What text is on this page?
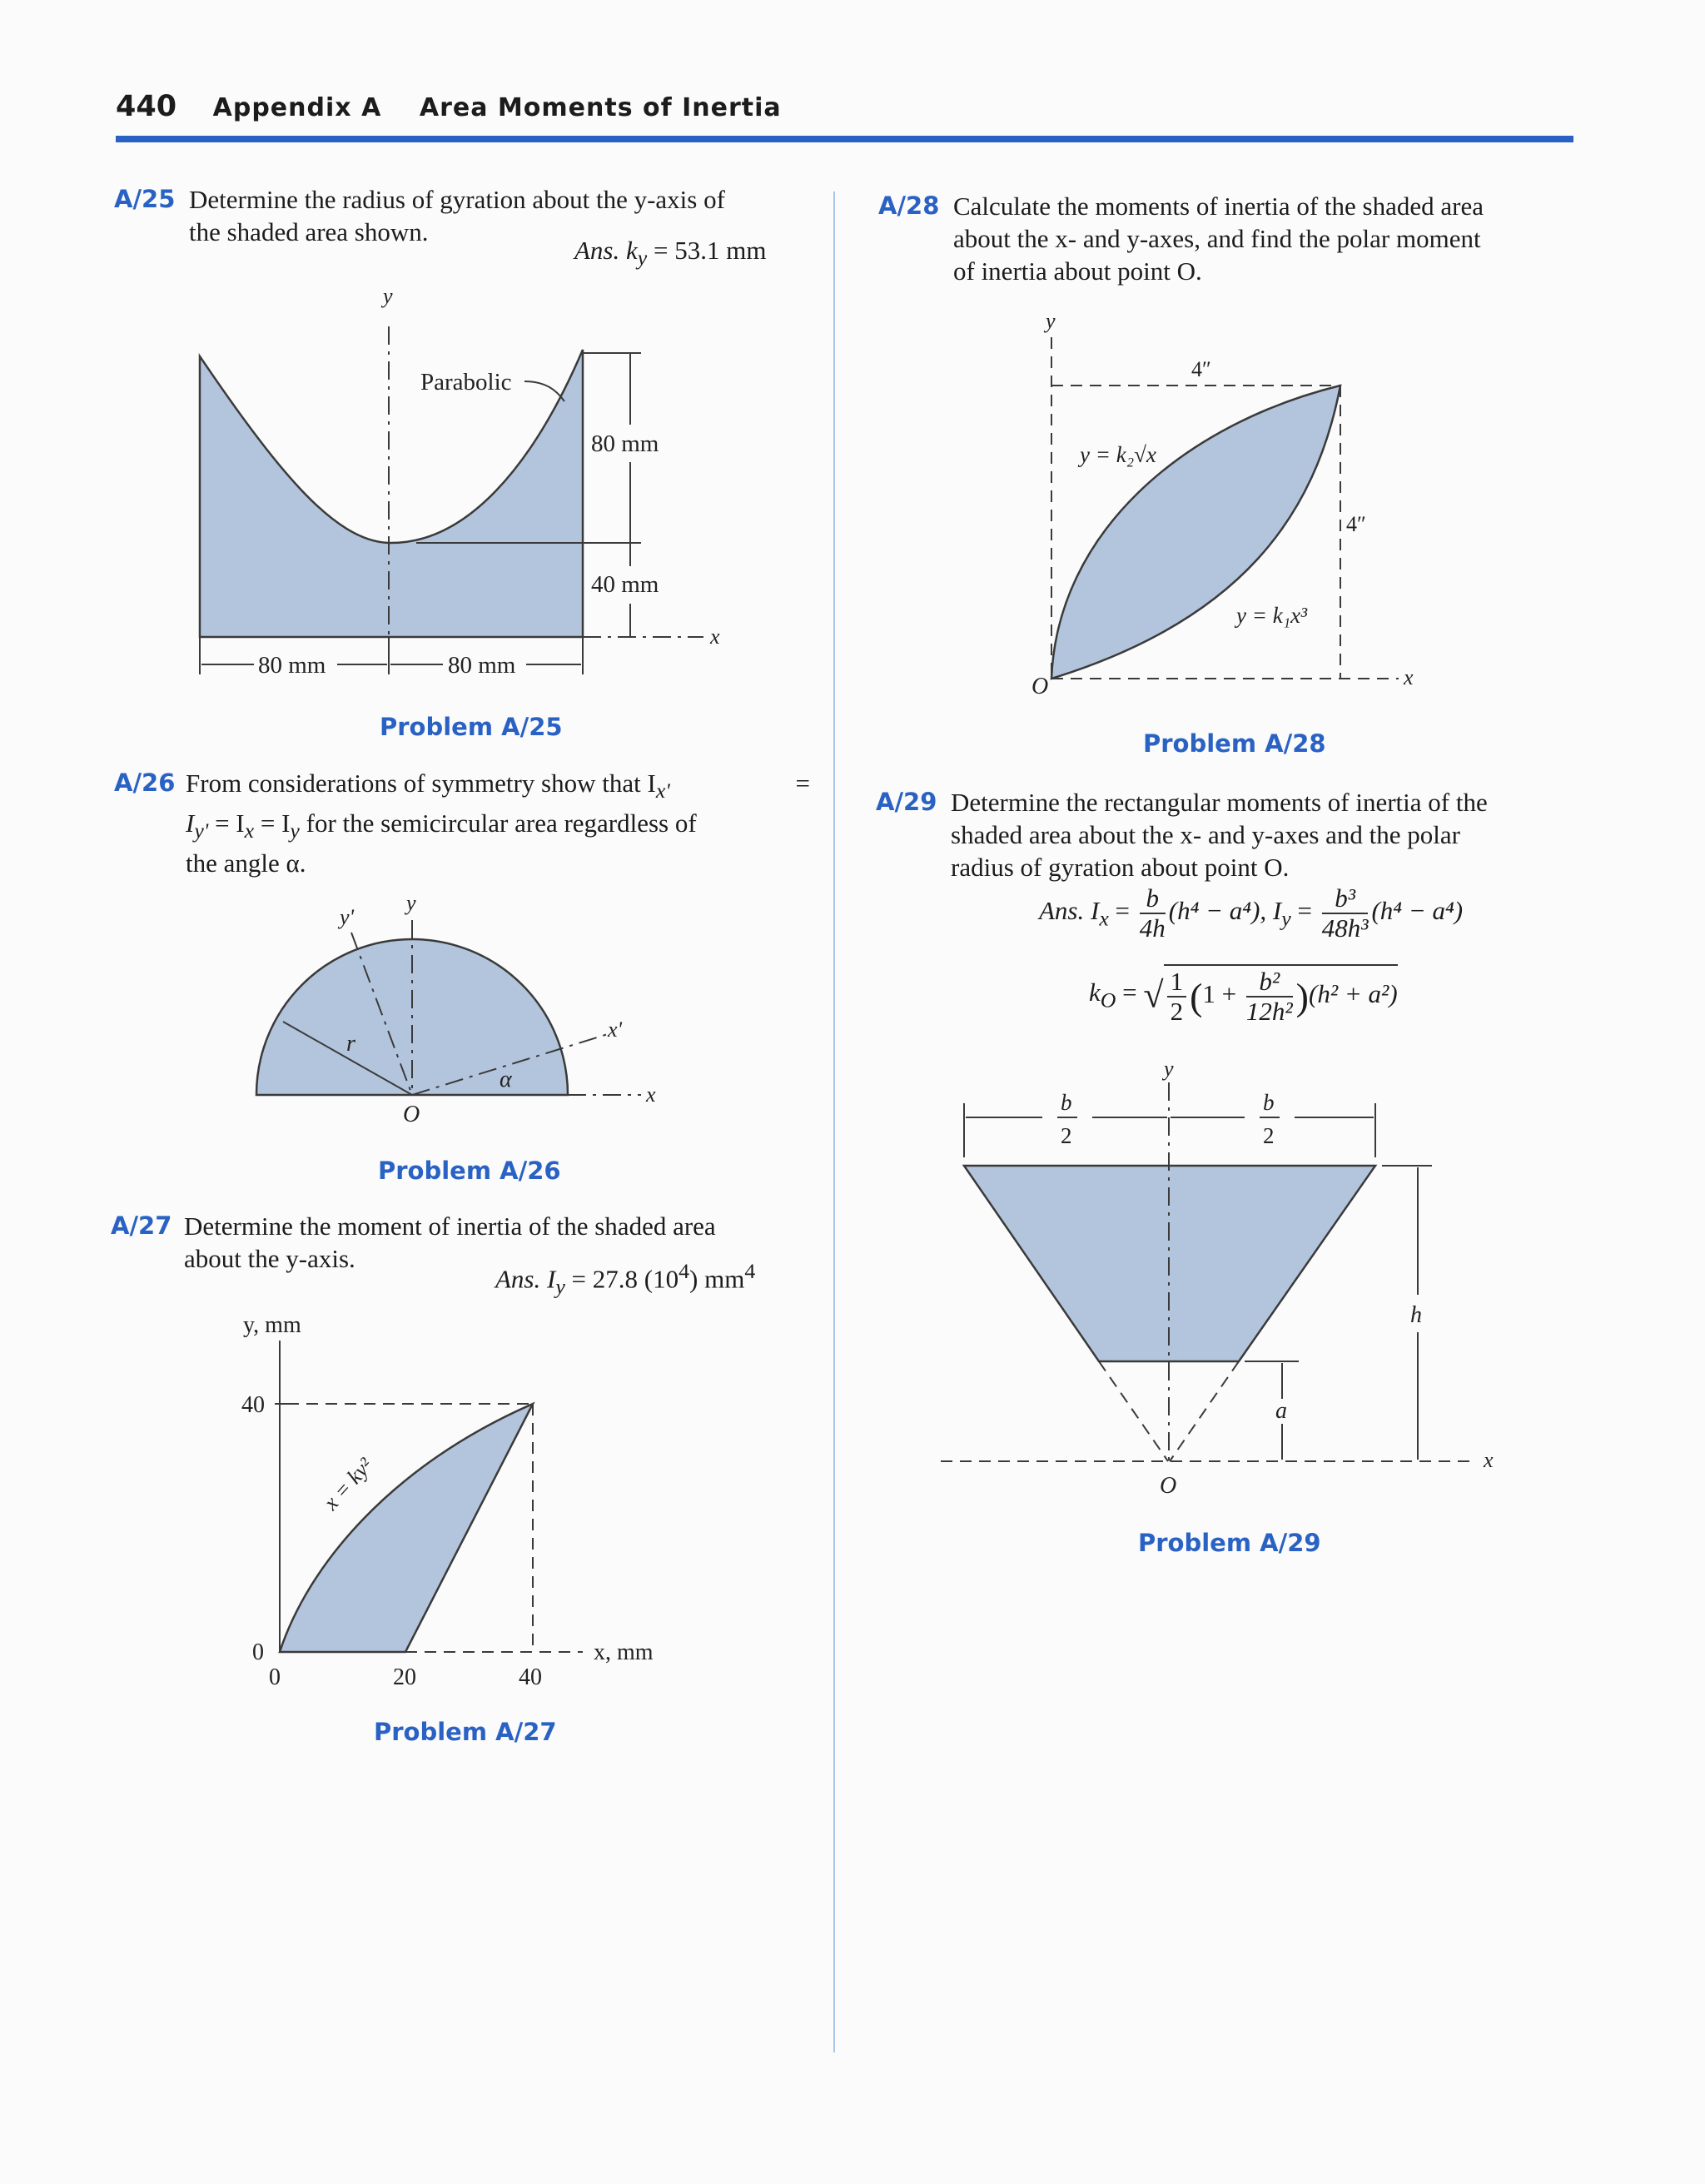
440 Appendix A Area Moments of Inertia
A/25 Determine the radius of gyration about the y-axis of
the shaded area shown.
Ans. $k_y = 53.1$ mm
y
x
Parabolic
80 mm
40 mm
80 mm	80 mm
Problem A/25
A/26 From considerations of symmetry show that $I_{x'}$	=
$I_{y'} = I_x = I_y$ for the semicircular area regardless of
the angle α.
y'
y
x'
x
r
α
O
Problem A/26
A/27 Determine the moment of inertia of the shaded area
about the y-axis.
Ans. $I_y = 27.8$ $(10^4)$ $mm^4$
y, mm
x, mm
40
0
0	20	40
x = ky²
Problem A/27
A/28 Calculate the moments of inertia of the shaded area
about the x- and y-axes, and find the polar moment
of inertia about point O.
y
x
O
4″
4″
y = k₂√x
y = k₁x³
Problem A/28
A/29 Determine the rectangular moments of inertia of the
shaded area about the x- and y-axes and the polar
radius of gyration about point O.
Ans. $I_x = \frac{b}{4h} (h^4 - a^4)$, $I_y = \frac{\text{b³}}{\text{48h³}} (h^4 - a^4)$
$k_O$ = √ $\frac{1}{2} (1 + \frac{\text{b²}}{\text{12h²}} )(h^2 + a^2)$
y
x
O
b
2
b
2
h
a
Problem A/29
